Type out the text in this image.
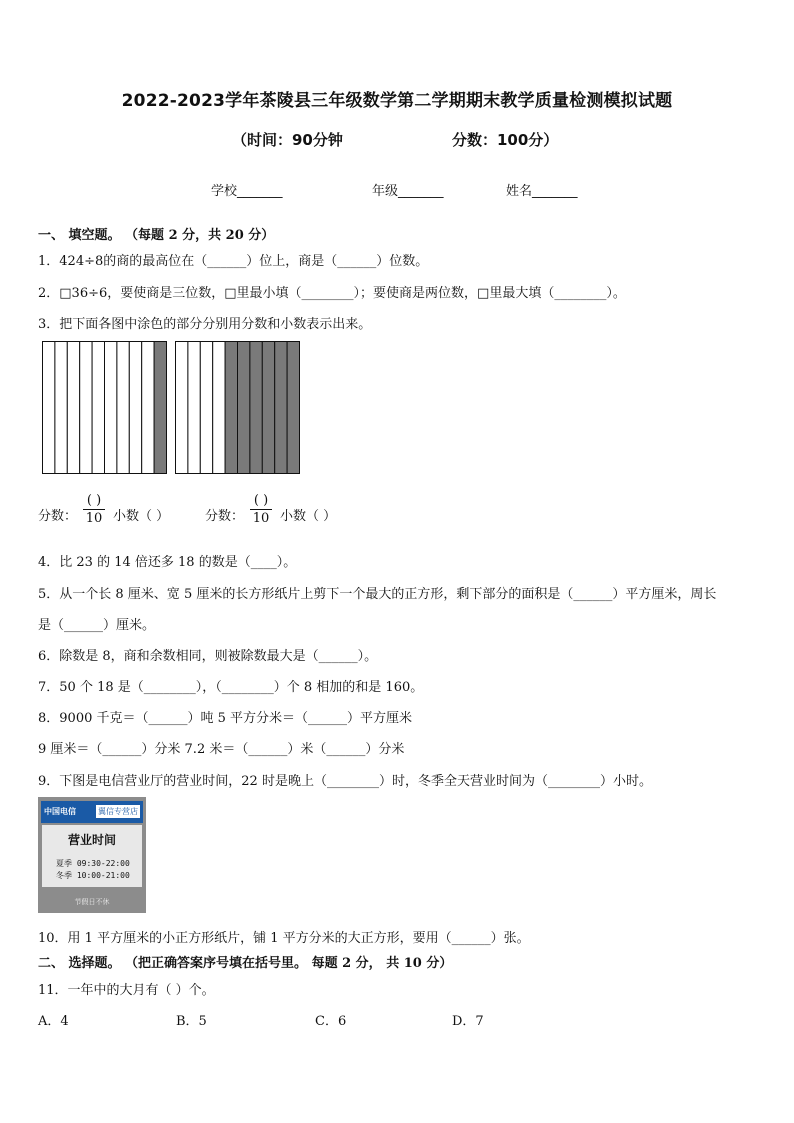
2022-2023学年茶陵县三年级数学第二学期期末教学质量检测模拟试题
（时间：90分钟	分数：100分）
学校_______	年级_______	姓名_______
一、 填空题。 （每题 2 分，共 20 分）
1．424÷8的商的最高位在（______）位上，商是（______）位数。
2．□36÷6，要使商是三位数，□里最小填（________）；要使商是两位数，□里最大填（________）。
3．把下面各图中涂色的部分分别用分数和小数表示出来。
分数：
( )
10 小数（ ）	分数：
( )
10 小数（ ）
4．比 23 的 14 倍还多 18 的数是（____）。
5．从一个长 8 厘米、宽 5 厘米的长方形纸片上剪下一个最大的正方形，剩下部分的面积是（______）平方厘米，周长
是（______）厘米。
6．除数是 8，商和余数相同，则被除数最大是（______）。
7．50 个 18 是（________），（________）个 8 相加的和是 160。
8．9000 千克＝（______）吨 5 平方分米＝（______）平方厘米
9 厘米＝（______）分米 7.2 米＝（______）米（______）分米
9．下图是电信营业厅的营业时间，22 时是晚上（________）时，冬季全天营业时间为（________）小时。
中国电信	翼信专营店
营业时间
夏季 09:30-22:00
冬季 10:00-21:00
节假日不休
10．用 1 平方厘米的小正方形纸片，铺 1 平方分米的大正方形，要用（______）张。
二、 选择题。 （把正确答案序号填在括号里。 每题 2 分， 共 10 分）
11．一年中的大月有（ ）个。
A．4	B．5	C．6	D．7
